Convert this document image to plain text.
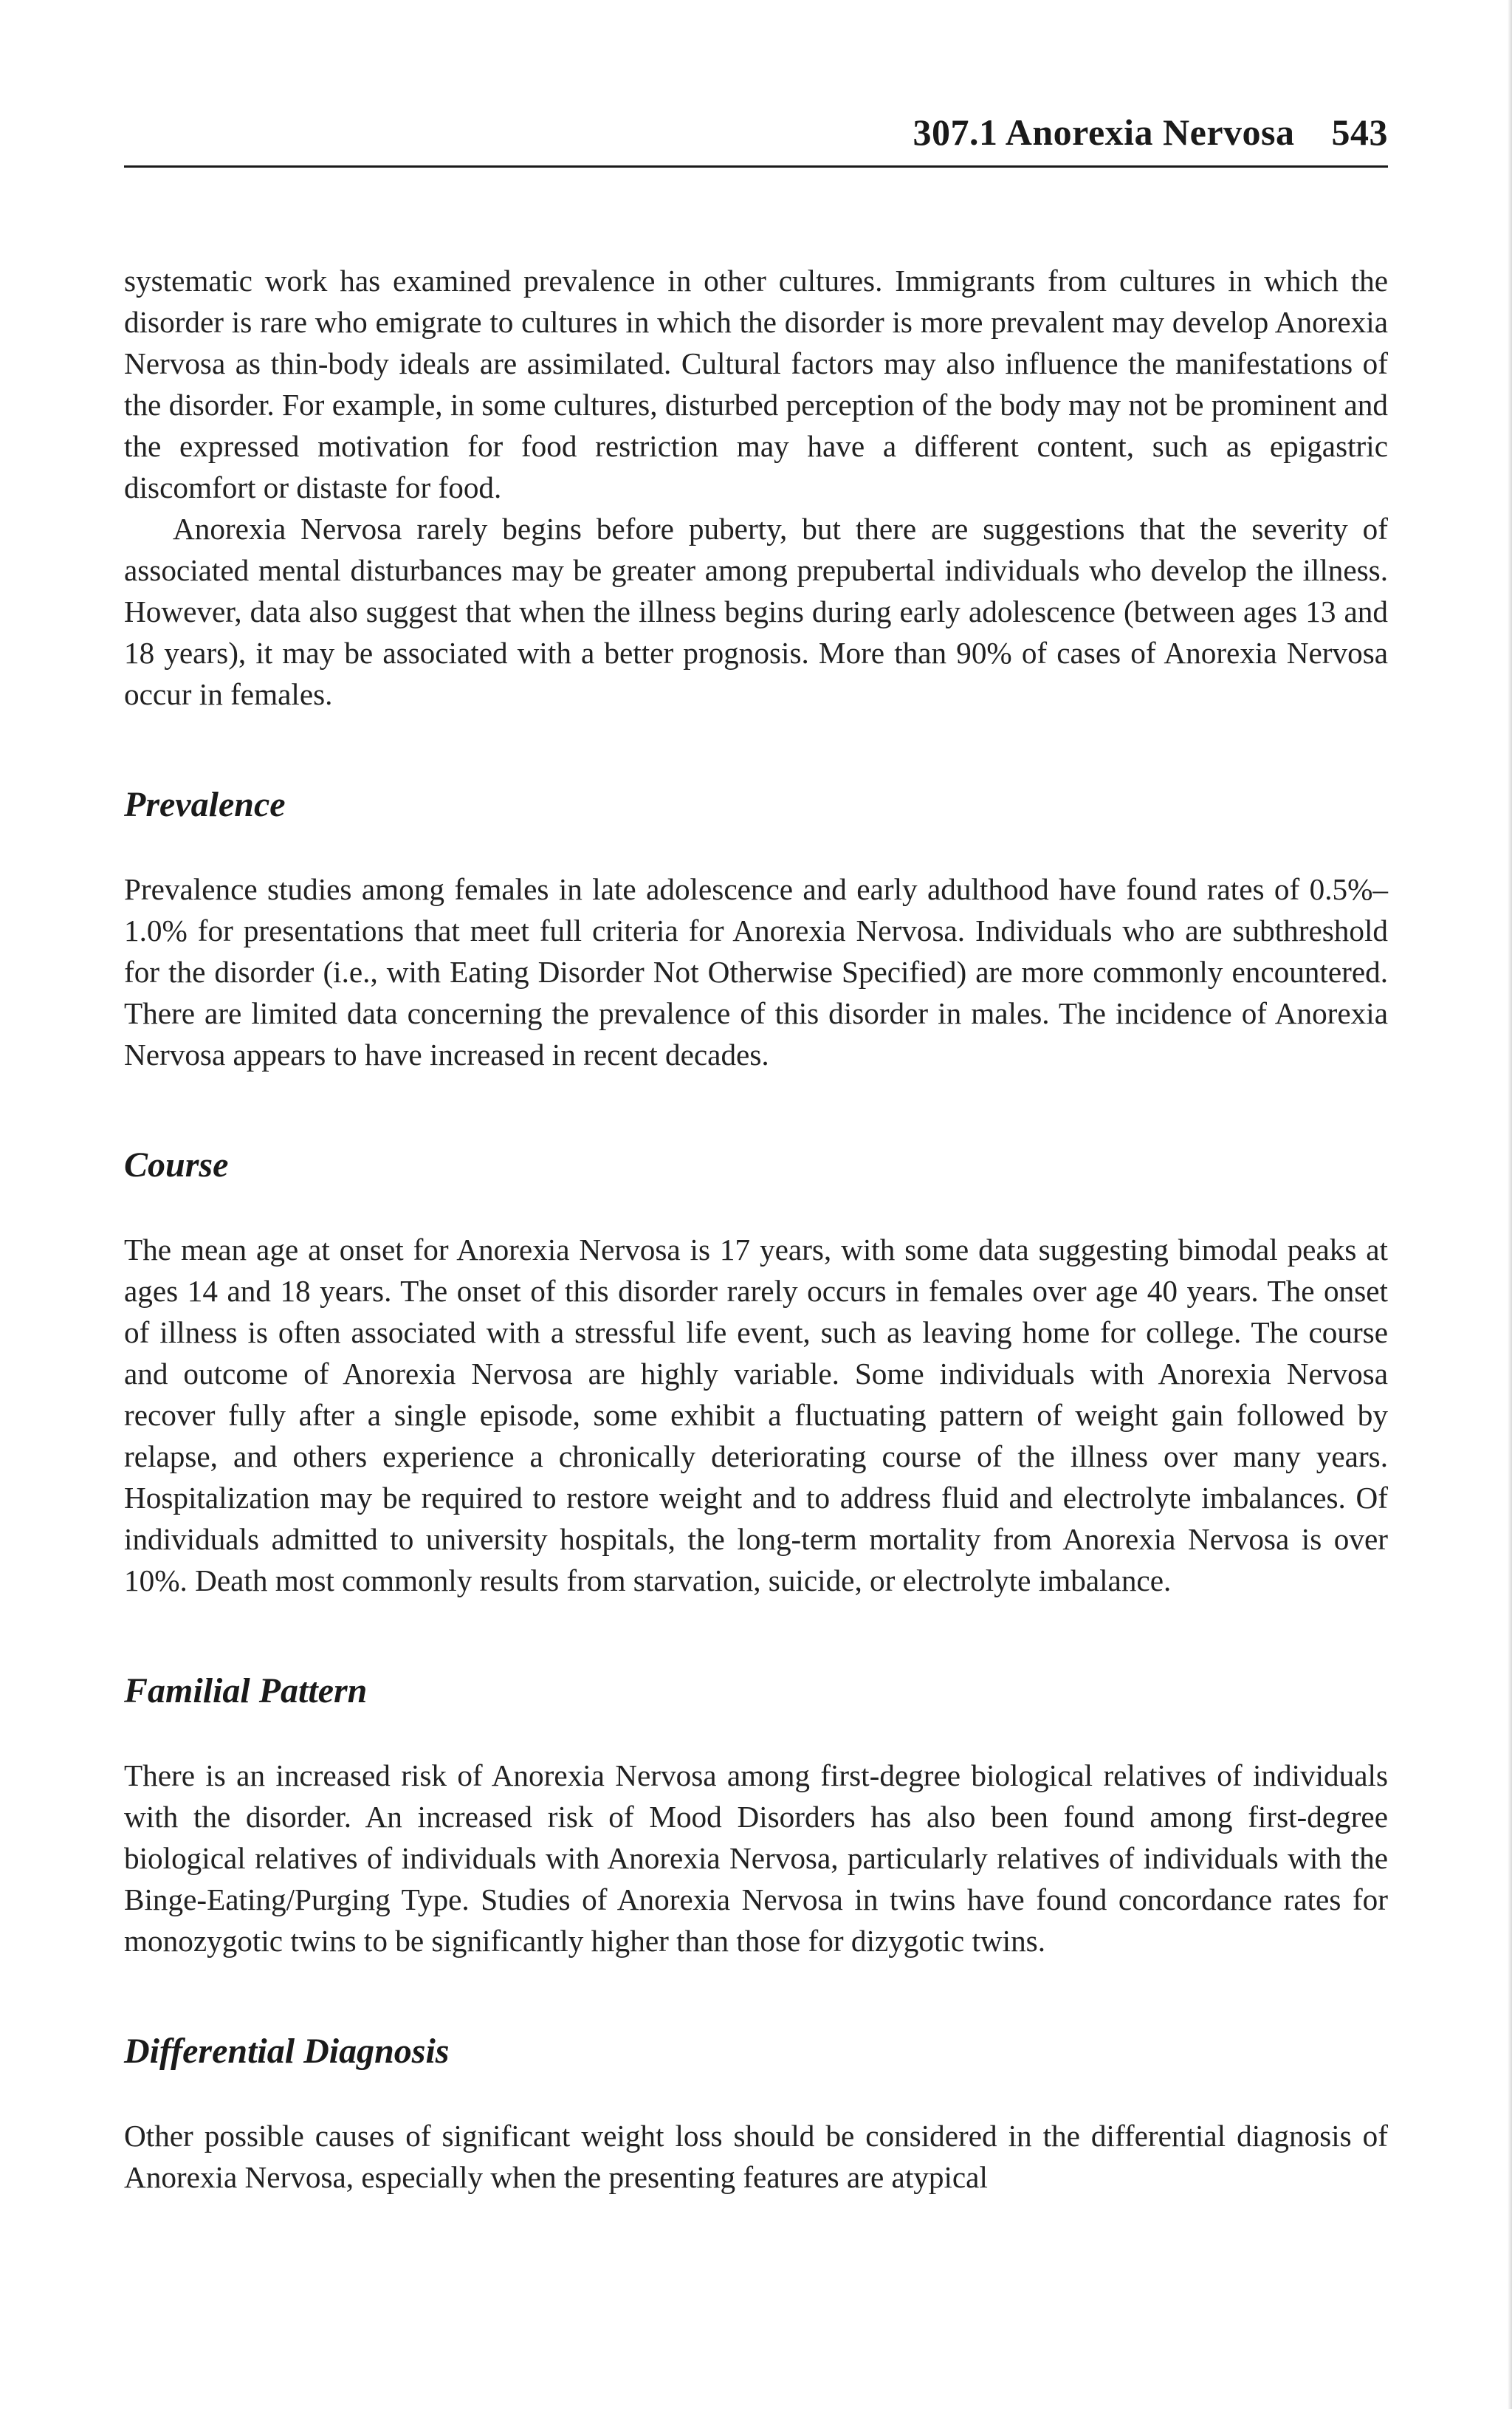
307.1 Anorexia Nervosa 543

systematic work has examined prevalence in other cultures. Immigrants from cultures in which the disorder is rare who emigrate to cultures in which the disorder is more prevalent may develop Anorexia Nervosa as thin-body ideals are assimilated. Cultural factors may also influence the manifestations of the disorder. For example, in some cultures, disturbed perception of the body may not be prominent and the expressed motivation for food restriction may have a different content, such as epigastric discomfort or distaste for food.

Anorexia Nervosa rarely begins before puberty, but there are suggestions that the severity of associated mental disturbances may be greater among prepubertal individuals who develop the illness. However, data also suggest that when the illness begins during early adolescence (between ages 13 and 18 years), it may be associated with a better prognosis. More than 90% of cases of Anorexia Nervosa occur in females.

Prevalence

Prevalence studies among females in late adolescence and early adulthood have found rates of 0.5%–1.0% for presentations that meet full criteria for Anorexia Nervosa. Individuals who are subthreshold for the disorder (i.e., with Eating Disorder Not Otherwise Specified) are more commonly encountered. There are limited data concerning the prevalence of this disorder in males. The incidence of Anorexia Nervosa appears to have increased in recent decades.

Course

The mean age at onset for Anorexia Nervosa is 17 years, with some data suggesting bimodal peaks at ages 14 and 18 years. The onset of this disorder rarely occurs in females over age 40 years. The onset of illness is often associated with a stressful life event, such as leaving home for college. The course and outcome of Anorexia Nervosa are highly variable. Some individuals with Anorexia Nervosa recover fully after a single episode, some exhibit a fluctuating pattern of weight gain followed by relapse, and others experience a chronically deteriorating course of the illness over many years. Hospitalization may be required to restore weight and to address fluid and electrolyte imbalances. Of individuals admitted to university hospitals, the long-term mortality from Anorexia Nervosa is over 10%. Death most commonly results from starvation, suicide, or electrolyte imbalance.

Familial Pattern

There is an increased risk of Anorexia Nervosa among first-degree biological relatives of individuals with the disorder. An increased risk of Mood Disorders has also been found among first-degree biological relatives of individuals with Anorexia Nervosa, particularly relatives of individuals with the Binge-Eating/Purging Type. Studies of Anorexia Nervosa in twins have found concordance rates for monozygotic twins to be significantly higher than those for dizygotic twins.

Differential Diagnosis

Other possible causes of significant weight loss should be considered in the differential diagnosis of Anorexia Nervosa, especially when the presenting features are atypical
